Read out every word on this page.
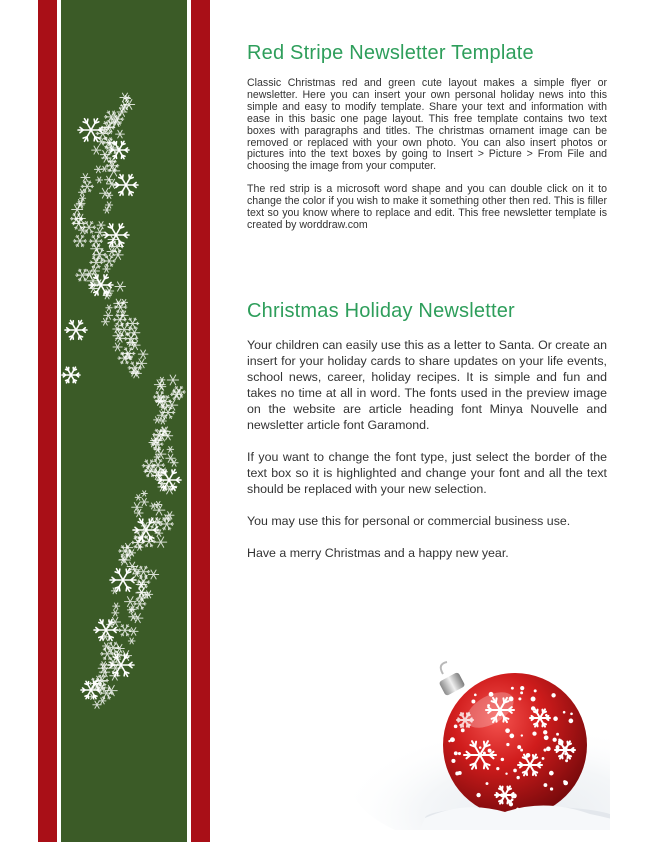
Red Stripe Newsletter Template

Classic Christmas red and green cute layout makes a simple flyer or newsletter. Here you can insert your own personal holiday news into this simple and easy to modify template. Share your text and information with ease in this basic one page layout. This free template contains two text boxes with paragraphs and titles. The christmas ornament image can be removed or replaced with your own photo. You can also insert photos or pictures into the text boxes by going to Insert > Picture > From File and choosing the image from your computer.

The red strip is a microsoft word shape and you can double click on it to change the color if you wish to make it something other then red. This is filler text so you know where to replace and edit. This free newsletter template is created by worddraw.com

Christmas Holiday Newsletter

Your children can easily use this as a letter to Santa. Or create an insert for your holiday cards to share updates on your life events, school news, career, holiday recipes. It is simple and fun and takes no time at all in word. The fonts used in the preview image on the website are article heading font Minya Nouvelle and newsletter article font Garamond.

If you want to change the font type, just select the border of the text box so it is highlighted and change your font and all the text should be replaced with your new selection.

You may use this for personal or commercial business use.

Have a merry Christmas and a happy new year.
